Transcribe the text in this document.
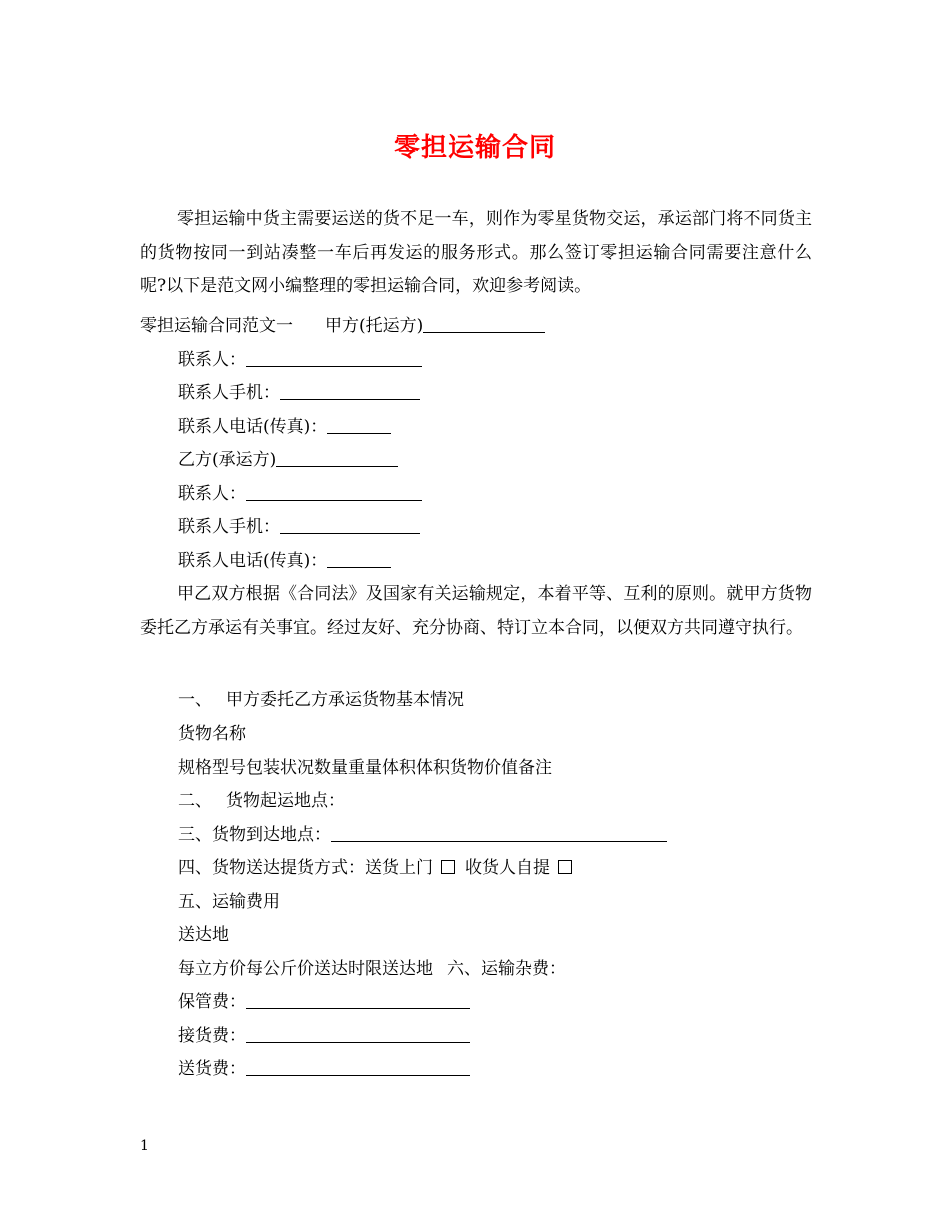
零担运输合同

零担运输中货主需要运送的货不足一车，则作为零星货物交运，承运部门将不同货主的货物按同一到站凑整一车后再发运的服务形式。那么签订零担运输合同需要注意什么呢?以下是范文网小编整理的零担运输合同，欢迎参考阅读。

零担运输合同范文一 甲方(托运方)
联系人：
联系人手机：
联系人电话(传真)：
乙方(承运方)
联系人：
联系人手机：
联系人电话(传真)：

甲乙双方根据《合同法》及国家有关运输规定，本着平等、互利的原则。就甲方货物委托乙方承运有关事宜。经过友好、充分协商、特订立本合同，以便双方共同遵守执行。

一、 甲方委托乙方承运货物基本情况
货物名称
规格型号包装状况数量重量体积体积货物价值备注
二、 货物起运地点：
三、货物到达地点：
四、货物送达提货方式：送货上门 收货人自提
五、运输费用
送达地
每立方价每公斤价送达时限送达地 六、运输杂费：
保管费：
接货费：
送货费：
1
